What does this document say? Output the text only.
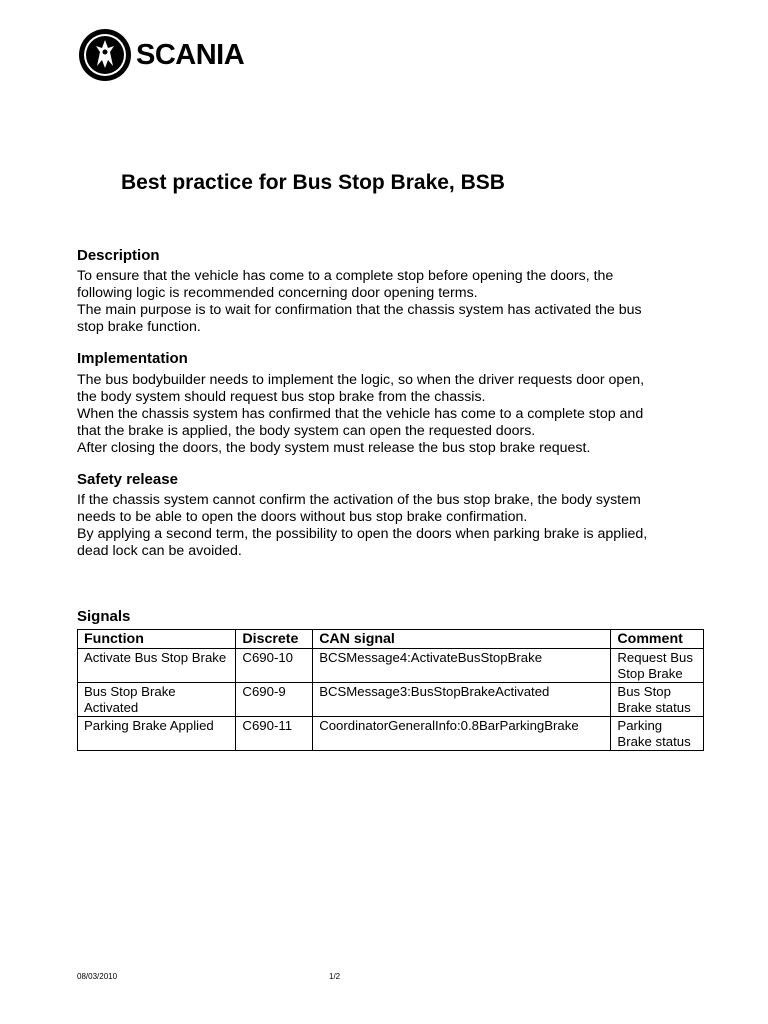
SCANIA
Best practice for Bus Stop Brake, BSB
Description

To ensure that the vehicle has come to a complete stop before opening the doors, the

following logic is recommended concerning door opening terms.

The main purpose is to wait for confirmation that the chassis system has activated the bus

stop brake function.

Implementation

The bus bodybuilder needs to implement the logic, so when the driver requests door open,

the body system should request bus stop brake from the chassis.

When the chassis system has confirmed that the vehicle has come to a complete stop and

that the brake is applied, the body system can open the requested doors.

After closing the doors, the body system must release the bus stop brake request.

Safety release

If the chassis system cannot confirm the activation of the bus stop brake, the body system

needs to be able to open the doors without bus stop brake confirmation.

By applying a second term, the possibility to open the doors when parking brake is applied,

dead lock can be avoided.

Signals
Function	Discrete	CAN signal	Comment
Activate Bus Stop Brake	C690-10	BCSMessage4:ActivateBusStopBrake	Request Bus Stop Brake
Bus Stop Brake Activated	C690-9	BCSMessage3:BusStopBrakeActivated	Bus Stop Brake status
Parking Brake Applied	C690-11	CoordinatorGeneralInfo:0.8BarParkingBrake	Parking Brake status
08/03/2010	1/2
